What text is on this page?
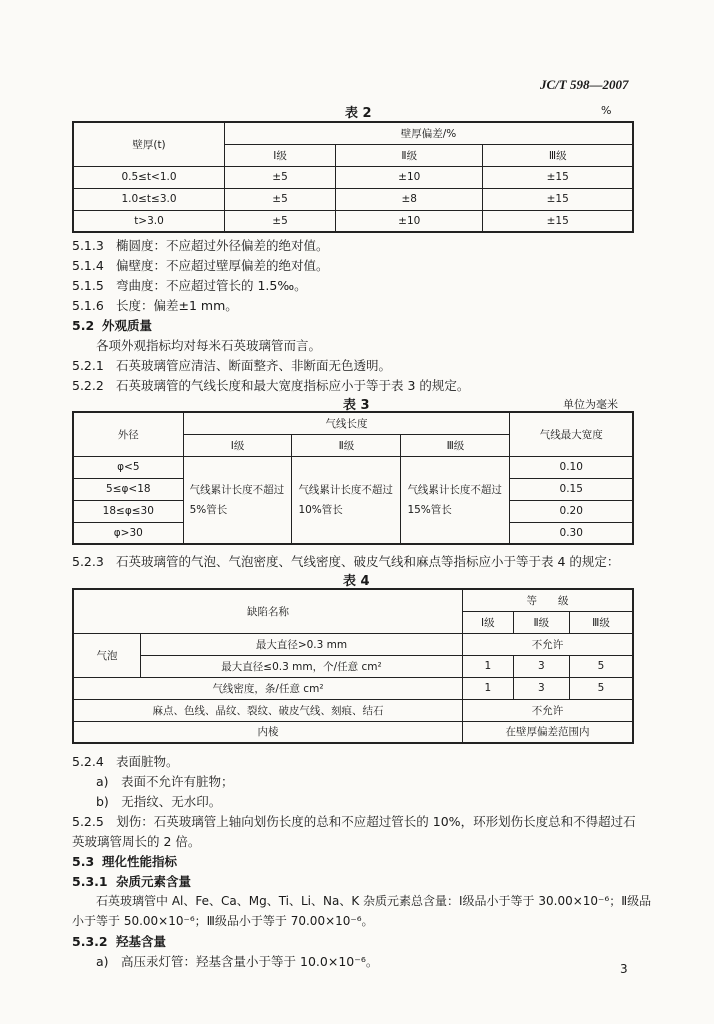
JC/T 598—2007
表 2	%
壁厚(t)	壁厚偏差/%		
	Ⅰ级	Ⅱ级	Ⅲ级
0.5≤t<1.0	±5	±10	±15
1.0≤t≤3.0	±5	±8	±15
t>3.0	±5	±10	±15
5.1.3 椭圆度：不应超过外径偏差的绝对值。
5.1.4 偏壁度：不应超过壁厚偏差的绝对值。
5.1.5 弯曲度：不应超过管长的 1.5‰。
5.1.6 长度：偏差±1 mm。
5.2 外观质量
各项外观指标均对每米石英玻璃管而言。
5.2.1 石英玻璃管应清洁、断面整齐、非断面无色透明。
5.2.2 石英玻璃管的气线长度和最大宽度指标应小于等于表 3 的规定。
表 3	单位为毫米
外径	气线长度			气线最大宽度
	Ⅰ级	Ⅱ级	Ⅲ级	
φ<5	气线累计长度不超过 5%管长	气线累计长度不超过 10%管长	气线累计长度不超过 15%管长	0.10
5≤φ<18				0.15
18≤φ≤30				0.20
φ>30				0.30
5.2.3 石英玻璃管的气泡、气泡密度、气线密度、破皮气线和麻点等指标应小于等于表 4 的规定：
表 4
缺陷名称		等　　级		
		Ⅰ级	Ⅱ级	Ⅲ级
气泡	最大直径>0.3 mm	不允许		
	最大直径≤0.3 mm，个/任意 cm²	1	3	5
气线密度，条/任意 cm²		1	3	5
麻点、色线、晶纹、裂纹、破皮气线、刻痕、结石		不允许		
内棱		在壁厚偏差范围内		
5.2.4 表面脏物。
a)　表面不允许有脏物；
b)　无指纹、无水印。
5.2.5　划伤：石英玻璃管上轴向划伤长度的总和不应超过管长的 10%，环形划伤长度总和不得超过石
英玻璃管周长的 2 倍。
5.3 理化性能指标
5.3.1 杂质元素含量
石英玻璃管中 Al、Fe、Ca、Mg、Ti、Li、Na、K 杂质元素总含量：Ⅰ级品小于等于 30.00×10⁻⁶；Ⅱ级品
小于等于 50.00×10⁻⁶；Ⅲ级品小于等于 70.00×10⁻⁶。
5.3.2 羟基含量
a)　高压汞灯管：羟基含量小于等于 10.0×10⁻⁶。	3
